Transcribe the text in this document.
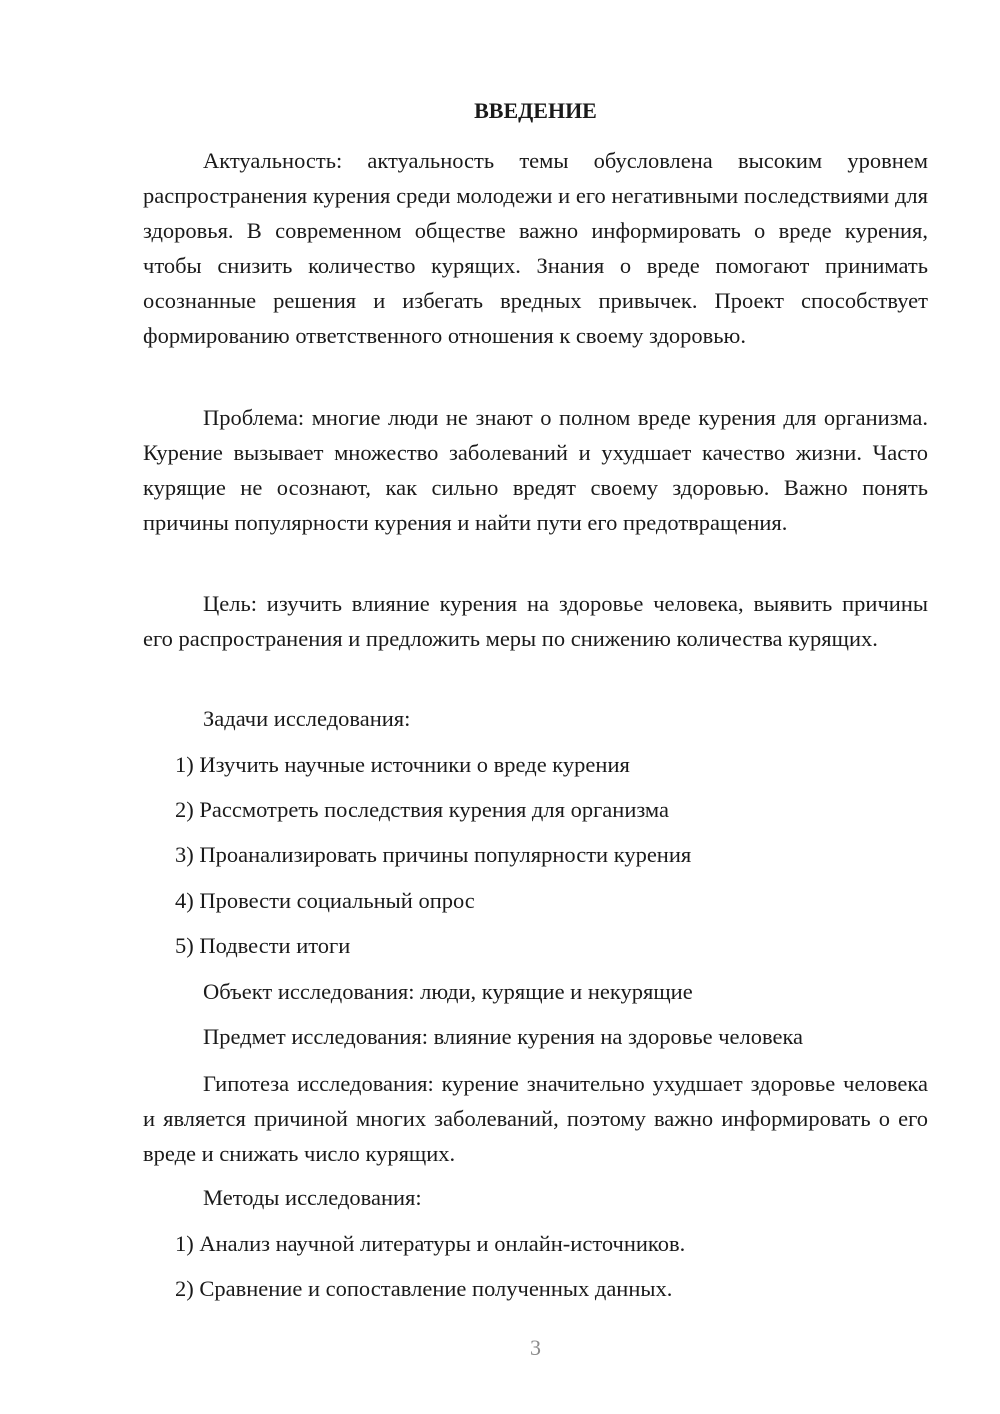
ВВЕДЕНИЕ

Актуальность: актуальность темы обусловлена высоким уровнем распространения курения среди молодежи и его негативными последствиями для здоровья. В современном обществе важно информировать о вреде курения, чтобы снизить количество курящих. Знания о вреде помогают принимать осознанные решения и избегать вредных привычек. Проект способствует формированию ответственного отношения к своему здоровью.

Проблема: многие люди не знают о полном вреде курения для организма. Курение вызывает множество заболеваний и ухудшает качество жизни. Часто курящие не осознают, как сильно вредят своему здоровью. Важно понять причины популярности курения и найти пути его предотвращения.

Цель: изучить влияние курения на здоровье человека, выявить причины его распространения и предложить меры по снижению количества курящих.

Задачи исследования:

1) Изучить научные источники о вреде курения

2) Рассмотреть последствия курения для организма

3) Проанализировать причины популярности курения

4) Провести социальный опрос

5) Подвести итоги

Объект исследования: люди, курящие и некурящие

Предмет исследования: влияние курения на здоровье человека

Гипотеза исследования: курение значительно ухудшает здоровье человека и является причиной многих заболеваний, поэтому важно информировать о его вреде и снижать число курящих.

Методы исследования:

1) Анализ научной литературы и онлайн-источников.

2) Сравнение и сопоставление полученных данных.

3
